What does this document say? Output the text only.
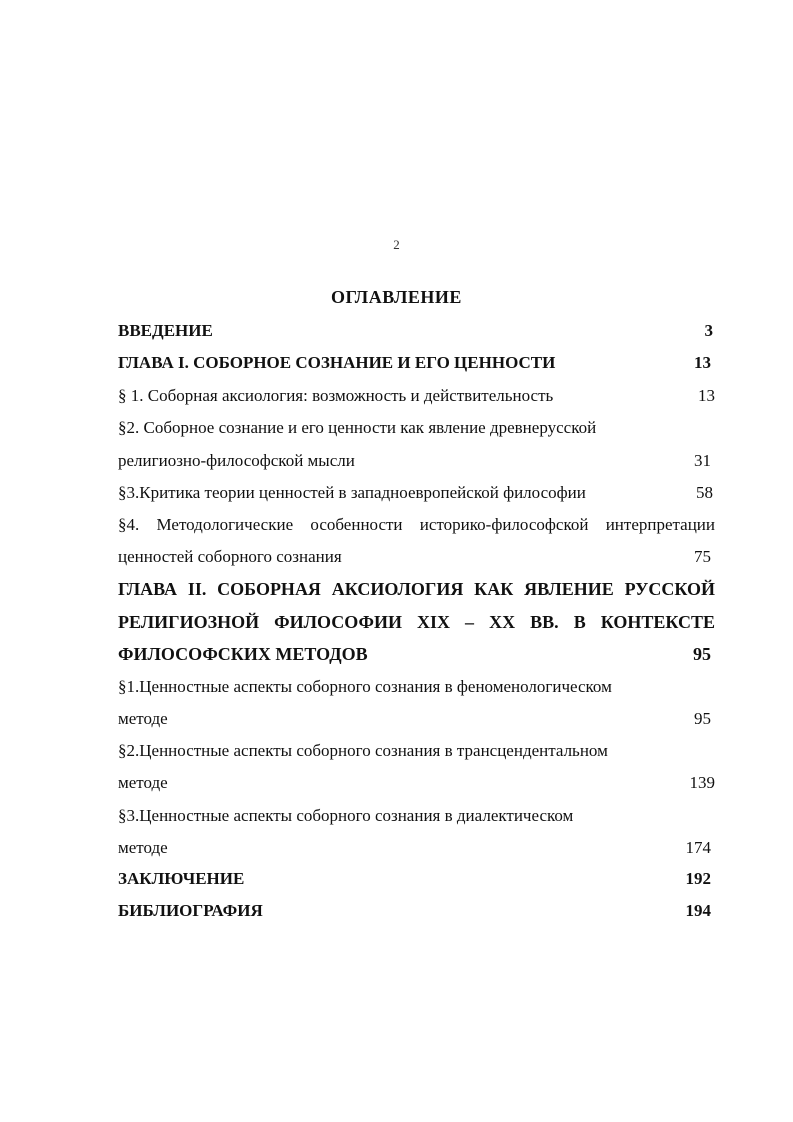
2
ОГЛАВЛЕНИЕ
ВВЕДЕНИЕ	3
ГЛАВА I. СОБОРНОЕ СОЗНАНИЕ И ЕГО ЦЕННОСТИ	13
§ 1. Соборная аксиология: возможность и действительность	13
§2. Соборное сознание и его ценности как явление древнерусской
религиозно-философской мысли	31
§3.Критика теории ценностей в западноевропейской философии	58
§4. Методологические особенности историко-философской интерпретации
ценностей соборного сознания	75
ГЛАВА II. СОБОРНАЯ АКСИОЛОГИЯ КАК ЯВЛЕНИЕ РУССКОЙ
РЕЛИГИОЗНОЙ ФИЛОСОФИИ XIX – XX ВВ. В КОНТЕКСТЕ
ФИЛОСОФСКИХ МЕТОДОВ	95
§1.Ценностные аспекты соборного сознания в феноменологическом
методе	95
§2.Ценностные аспекты соборного сознания в трансцендентальном
методе	139
§3.Ценностные аспекты соборного сознания в диалектическом
методе	174
ЗАКЛЮЧЕНИЕ	192
БИБЛИОГРАФИЯ	194
